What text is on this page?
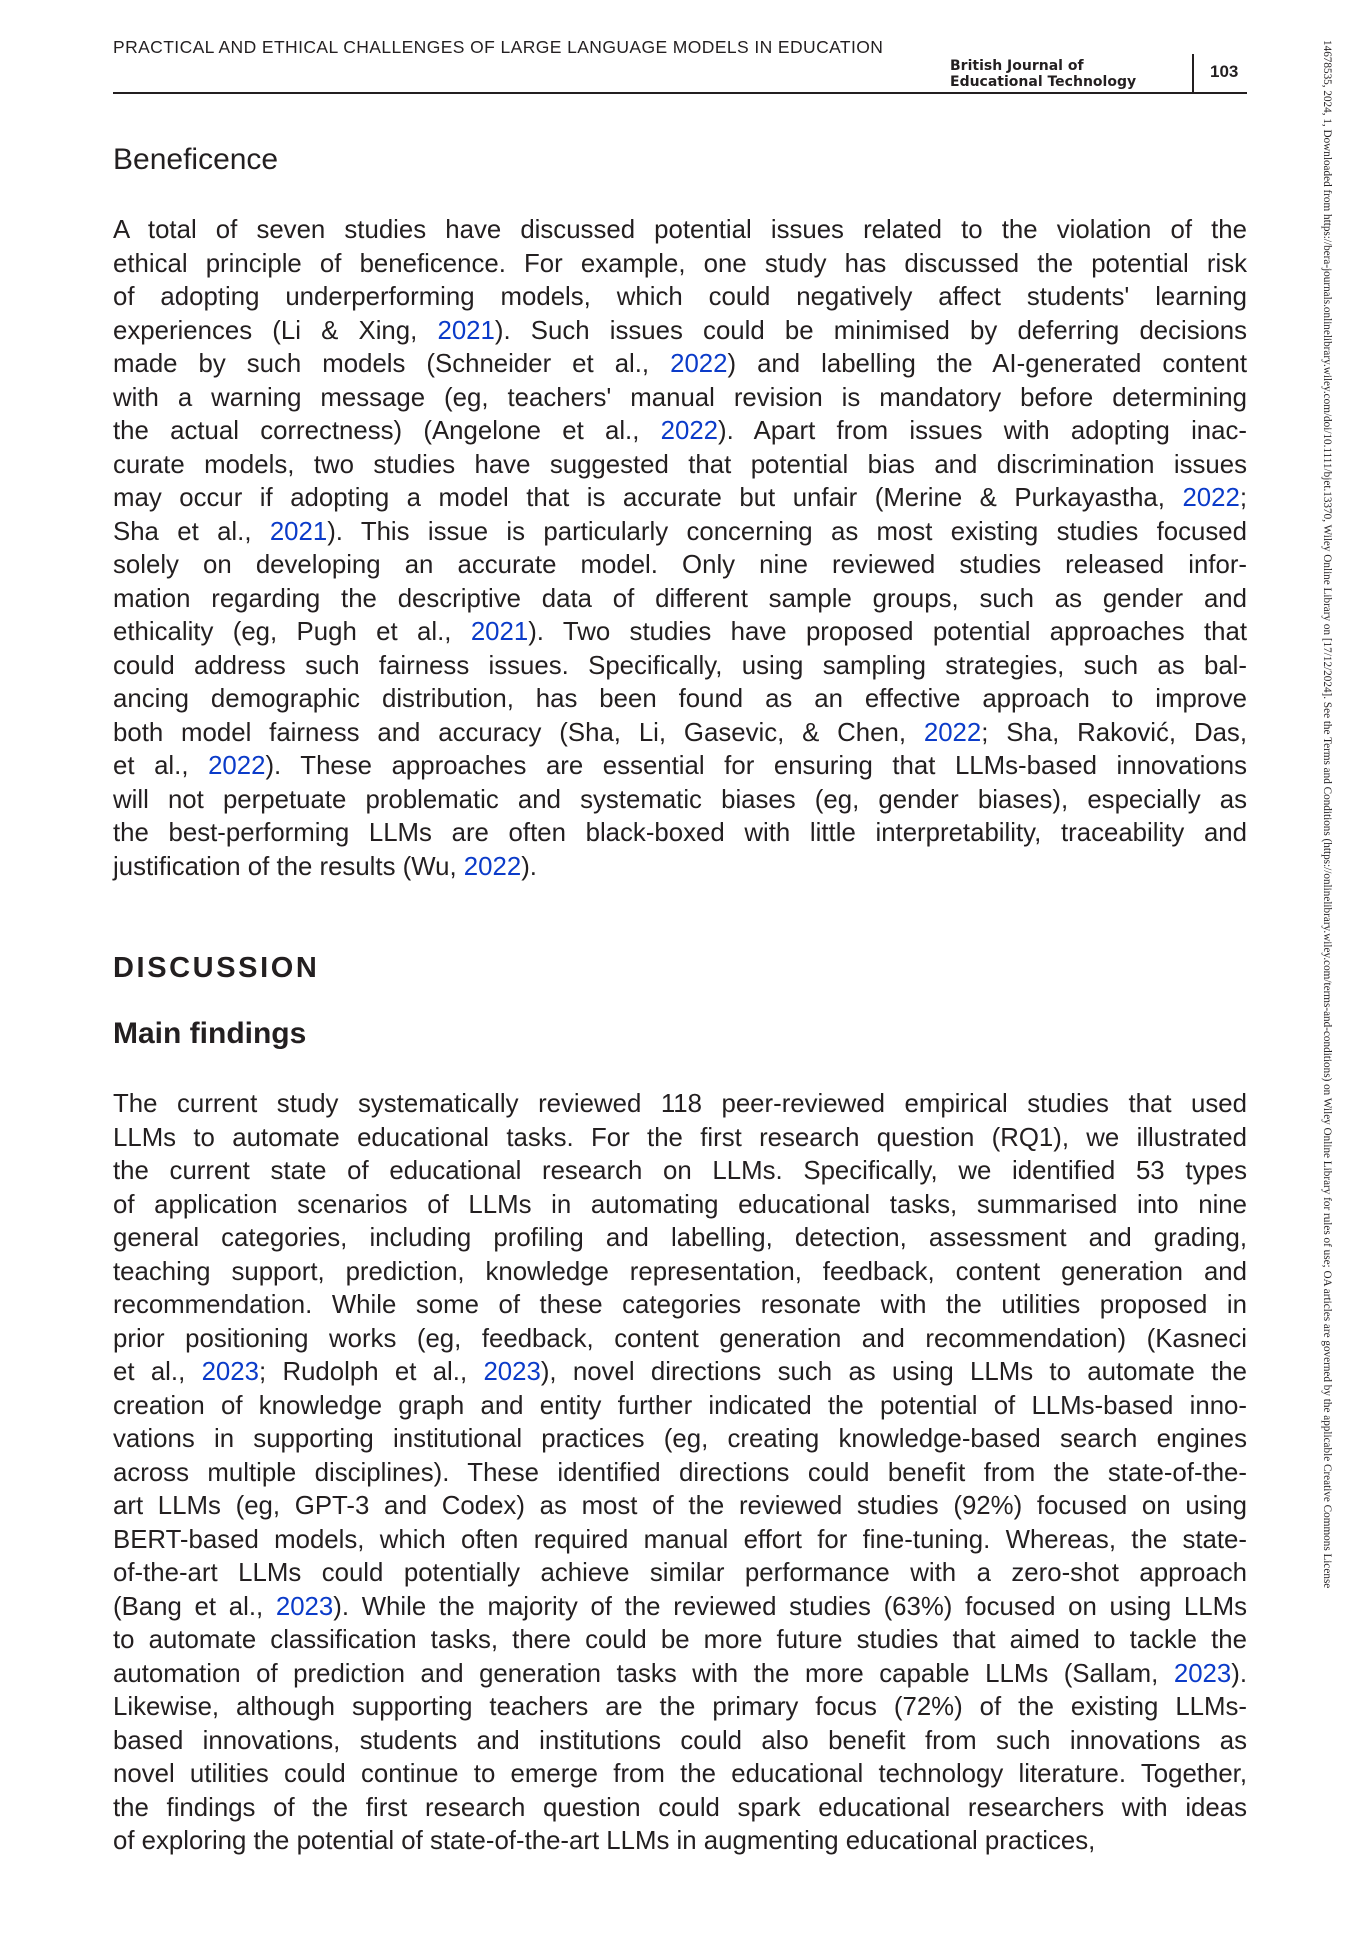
PRACTICAL AND ETHICAL CHALLENGES OF LARGE LANGUAGE MODELS IN EDUCATION
British Journal of
Educational Technology
103	14678535, 2024, 1, Downloaded from https://bera-journals.onlinelibrary.wiley.com/doi/10.1111/bjet.13370, Wiley Online Library on [17/12/2024]. See the Terms and Conditions (https://onlinelibrary.wiley.com/terms-and-conditions) on Wiley Online Library for rules of use; OA articles are governed by the applicable Creative Commons License
Beneficence
A total of seven studies have discussed potential issues related to the violation of the
ethical principle of beneficence. For example, one study has discussed the potential risk
of adopting underperforming models, which could negatively affect students' learning
experiences (Li & Xing, 2021). Such issues could be minimised by deferring decisions
made by such models (Schneider et al., 2022) and labelling the AI-generated content
with a warning message (eg, teachers' manual revision is mandatory before determining
the actual correctness) (Angelone et al., 2022). Apart from issues with adopting inac-
curate models, two studies have suggested that potential bias and discrimination issues
may occur if adopting a model that is accurate but unfair (Merine & Purkayastha, 2022;
Sha et al., 2021). This issue is particularly concerning as most existing studies focused
solely on developing an accurate model. Only nine reviewed studies released infor-
mation regarding the descriptive data of different sample groups, such as gender and
ethicality (eg, Pugh et al., 2021). Two studies have proposed potential approaches that
could address such fairness issues. Specifically, using sampling strategies, such as bal-
ancing demographic distribution, has been found as an effective approach to improve
both model fairness and accuracy (Sha, Li, Gasevic, & Chen, 2022; Sha, Raković, Das,
et al., 2022). These approaches are essential for ensuring that LLMs-based innovations
will not perpetuate problematic and systematic biases (eg, gender biases), especially as
the best-performing LLMs are often black-boxed with little interpretability, traceability and
justification of the results (Wu, 2022).
DISCUSSION
Main findings
The current study systematically reviewed 118 peer-reviewed empirical studies that used
LLMs to automate educational tasks. For the first research question (RQ1), we illustrated
the current state of educational research on LLMs. Specifically, we identified 53 types
of application scenarios of LLMs in automating educational tasks, summarised into nine
general categories, including profiling and labelling, detection, assessment and grading,
teaching support, prediction, knowledge representation, feedback, content generation and
recommendation. While some of these categories resonate with the utilities proposed in
prior positioning works (eg, feedback, content generation and recommendation) (Kasneci
et al., 2023; Rudolph et al., 2023), novel directions such as using LLMs to automate the
creation of knowledge graph and entity further indicated the potential of LLMs-based inno-
vations in supporting institutional practices (eg, creating knowledge-based search engines
across multiple disciplines). These identified directions could benefit from the state-of-the-
art LLMs (eg, GPT-3 and Codex) as most of the reviewed studies (92%) focused on using
BERT-based models, which often required manual effort for fine-tuning. Whereas, the state-
of-the-art LLMs could potentially achieve similar performance with a zero-shot approach
(Bang et al., 2023). While the majority of the reviewed studies (63%) focused on using LLMs
to automate classification tasks, there could be more future studies that aimed to tackle the
automation of prediction and generation tasks with the more capable LLMs (Sallam, 2023).
Likewise, although supporting teachers are the primary focus (72%) of the existing LLMs-
based innovations, students and institutions could also benefit from such innovations as
novel utilities could continue to emerge from the educational technology literature. Together,
the findings of the first research question could spark educational researchers with ideas
of exploring the potential of state-of-the-art LLMs in augmenting educational practices,
